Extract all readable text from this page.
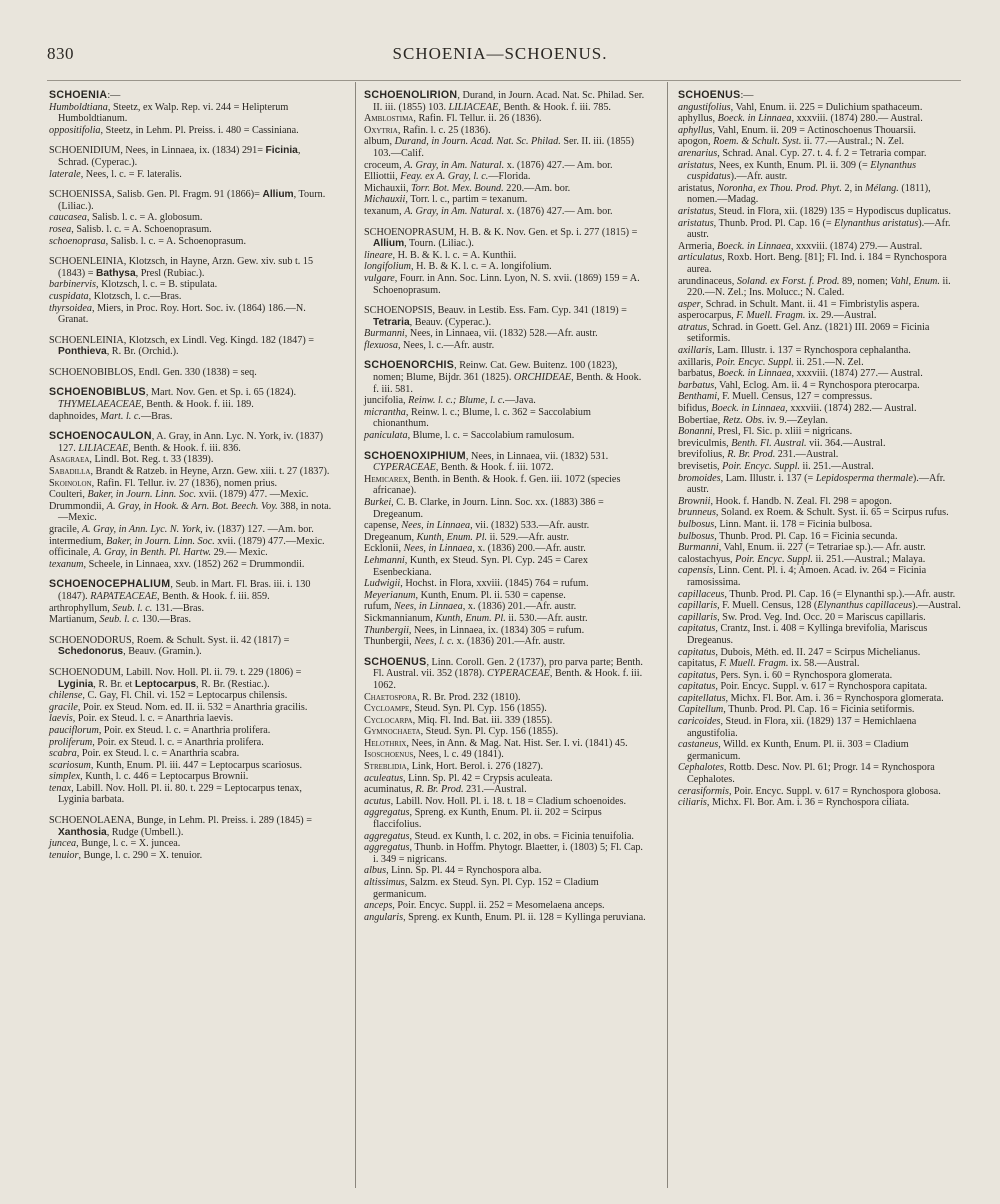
830	SCHOENIA—SCHOENUS.

SCHOENIA:—

Humboldtiana, Steetz, ex Walp. Rep. vi. 244 = Helipterum Humboldtianum.

oppositifolia, Steetz, in Lehm. Pl. Preiss. i. 480 = Cassiniana.

SCHOENIDIUM, Nees, in Linnaea, ix. (1834) 291= Ficinia, Schrad. (Cyperac.).

laterale, Nees, l. c. = F. lateralis.

SCHOENISSA, Salisb. Gen. Pl. Fragm. 91 (1866)= Allium, Tourn. (Liliac.).

caucasea, Salisb. l. c. = A. globosum.

rosea, Salisb. l. c. = A. Schoenoprasum.

schoenoprasa, Salisb. l. c. = A. Schoenoprasum.

SCHOENLEINIA, Klotzsch, in Hayne, Arzn. Gew. xiv. sub t. 15 (1843) = Bathysa, Presl (Rubiac.).

barbinervis, Klotzsch, l. c. = B. stipulata.

cuspidata, Klotzsch, l. c.—Bras.

thyrsoidea, Miers, in Proc. Roy. Hort. Soc. iv. (1864) 186.—N. Granat.

SCHOENLEINIA, Klotzsch, ex Lindl. Veg. Kingd. 182 (1847) = Ponthieva, R. Br. (Orchid.).

SCHOENOBIBLOS, Endl. Gen. 330 (1838) = seq.

SCHOENOBIBLUS, Mart. Nov. Gen. et Sp. i. 65 (1824). THYMELAEACEAE, Benth. & Hook. f. iii. 189.

daphnoides, Mart. l. c.—Bras.

SCHOENOCAULON, A. Gray, in Ann. Lyc. N. York, iv. (1837) 127. LILIACEAE, Benth. & Hook. f. iii. 836.

Asagraea, Lindl. Bot. Reg. t. 33 (1839).

Sabadilla, Brandt & Ratzeb. in Heyne, Arzn. Gew. xiii. t. 27 (1837).

Skoinolon, Rafin. Fl. Tellur. iv. 27 (1836), nomen prius.

Coulteri, Baker, in Journ. Linn. Soc. xvii. (1879) 477. —Mexic.

Drummondii, A. Gray, in Hook. & Arn. Bot. Beech. Voy. 388, in nota.—Mexic.

gracile, A. Gray, in Ann. Lyc. N. York, iv. (1837) 127. —Am. bor.

intermedium, Baker, in Journ. Linn. Soc. xvii. (1879) 477.—Mexic.

officinale, A. Gray, in Benth. Pl. Hartw. 29.— Mexic.

texanum, Scheele, in Linnaea, xxv. (1852) 262 = Drummondii.

SCHOENOCEPHALIUM, Seub. in Mart. Fl. Bras. iii. i. 130 (1847). RAPATEACEAE, Benth. & Hook. f. iii. 859.

arthrophyllum, Seub. l. c. 131.—Bras.

Martianum, Seub. l. c. 130.—Bras.

SCHOENODORUS, Roem. & Schult. Syst. ii. 42 (1817) = Schedonorus, Beauv. (Gramin.).

SCHOENODUM, Labill. Nov. Holl. Pl. ii. 79. t. 229 (1806) = Lyginia, R. Br. et Leptocarpus, R. Br. (Restiac.).

chilense, C. Gay, Fl. Chil. vi. 152 = Leptocarpus chilensis.

gracile, Poir. ex Steud. Nom. ed. II. ii. 532 = Anarthria gracilis.

laevis, Poir. ex Steud. l. c. = Anarthria laevis.

pauciflorum, Poir. ex Steud. l. c. = Anarthria prolifera.

proliferum, Poir. ex Steud. l. c. = Anarthria prolifera.

scabra, Poir. ex Steud. l. c. = Anarthria scabra.

scariosum, Kunth, Enum. Pl. iii. 447 = Leptocarpus scariosus.

simplex, Kunth, l. c. 446 = Leptocarpus Brownii.

tenax, Labill. Nov. Holl. Pl. ii. 80. t. 229 = Leptocarpus tenax, Lyginia barbata.

SCHOENOLAENA, Bunge, in Lehm. Pl. Preiss. i. 289 (1845) = Xanthosia, Rudge (Umbell.).

juncea, Bunge, l. c. = X. juncea.

tenuior, Bunge, l. c. 290 = X. tenuior.

SCHOENOLIRION, Durand, in Journ. Acad. Nat. Sc. Philad. Ser. II. iii. (1855) 103. LILIACEAE, Benth. & Hook. f. iii. 785.

Amblostima, Rafin. Fl. Tellur. ii. 26 (1836).

Oxytria, Rafin. l. c. 25 (1836).

album, Durand, in Journ. Acad. Nat. Sc. Philad. Ser. II. iii. (1855) 103.—Calif.

croceum, A. Gray, in Am. Natural. x. (1876) 427.— Am. bor.

Elliottii, Feay. ex A. Gray, l. c.—Florida.

Michauxii, Torr. Bot. Mex. Bound. 220.—Am. bor.

Michauxii, Torr. l. c., partim = texanum.

texanum, A. Gray, in Am. Natural. x. (1876) 427.— Am. bor.

SCHOENOPRASUM, H. B. & K. Nov. Gen. et Sp. i. 277 (1815) = Allium, Tourn. (Liliac.).

lineare, H. B. & K. l. c. = A. Kunthii.

longifolium, H. B. & K. l. c. = A. longifolium.

vulgare, Fourr. in Ann. Soc. Linn. Lyon, N. S. xvii. (1869) 159 = A. Schoenoprasum.

SCHOENOPSIS, Beauv. in Lestib. Ess. Fam. Cyp. 341 (1819) = Tetraria, Beauv. (Cyperac.).

Burmanni, Nees, in Linnaea, vii. (1832) 528.—Afr. austr.

flexuosa, Nees, l. c.—Afr. austr.

SCHOENORCHIS, Reinw. Cat. Gew. Buitenz. 100 (1823), nomen; Blume, Bijdr. 361 (1825). ORCHIDEAE, Benth. & Hook. f. iii. 581.

juncifolia, Reinw. l. c.; Blume, l. c.—Java.

micrantha, Reinw. l. c.; Blume, l. c. 362 = Saccolabium chionanthum.

paniculata, Blume, l. c. = Saccolabium ramulosum.

SCHOENOXIPHIUM, Nees, in Linnaea, vii. (1832) 531. CYPERACEAE, Benth. & Hook. f. iii. 1072.

Hemicarex, Benth. in Benth. & Hook. f. Gen. iii. 1072 (species africanae).

Burkei, C. B. Clarke, in Journ. Linn. Soc. xx. (1883) 386 = Dregeanum.

capense, Nees, in Linnaea, vii. (1832) 533.—Afr. austr.

Dregeanum, Kunth, Enum. Pl. ii. 529.—Afr. austr.

Ecklonii, Nees, in Linnaea, x. (1836) 200.—Afr. austr.

Lehmanni, Kunth, ex Steud. Syn. Pl. Cyp. 245 = Carex Esenbeckiana.

Ludwigii, Hochst. in Flora, xxviii. (1845) 764 = rufum.

Meyerianum, Kunth, Enum. Pl. ii. 530 = capense.

rufum, Nees, in Linnaea, x. (1836) 201.—Afr. austr.

Sickmannianum, Kunth, Enum. Pl. ii. 530.—Afr. austr.

Thunbergii, Nees, in Linnaea, ix. (1834) 305 = rufum.

Thunbergii, Nees, l. c. x. (1836) 201.—Afr. austr.

SCHOENUS, Linn. Coroll. Gen. 2 (1737), pro parva parte; Benth. Fl. Austral. vii. 352 (1878). CYPERACEAE, Benth. & Hook. f. iii. 1062.

Chaetospora, R. Br. Prod. 232 (1810).

Cycloampe, Steud. Syn. Pl. Cyp. 156 (1855).

Cyclocarpa, Miq. Fl. Ind. Bat. iii. 339 (1855).

Gymnochaeta, Steud. Syn. Pl. Cyp. 156 (1855).

Helothrix, Nees, in Ann. & Mag. Nat. Hist. Ser. I. vi. (1841) 45.

Isoschoenus, Nees, l. c. 49 (1841).

Streblidia, Link, Hort. Berol. i. 276 (1827).

aculeatus, Linn. Sp. Pl. 42 = Crypsis aculeata.

acuminatus, R. Br. Prod. 231.—Austral.

acutus, Labill. Nov. Holl. Pl. i. 18. t. 18 = Cladium schoenoides.

aggregatus, Spreng. ex Kunth, Enum. Pl. ii. 202 = Scirpus flaccifolius.

aggregatus, Steud. ex Kunth, l. c. 202, in obs. = Ficinia tenuifolia.

aggregatus, Thunb. in Hoffm. Phytogr. Blaetter, i. (1803) 5; Fl. Cap. i. 349 = nigricans.

albus, Linn. Sp. Pl. 44 = Rynchospora alba.

altissimus, Salzm. ex Steud. Syn. Pl. Cyp. 152 = Cladium germanicum.

anceps, Poir. Encyc. Suppl. ii. 252 = Mesomelaena anceps.

angularis, Spreng. ex Kunth, Enum. Pl. ii. 128 = Kyllinga peruviana.

SCHOENUS:—

angustifolius, Vahl, Enum. ii. 225 = Dulichium spathaceum.

aphyllus, Boeck. in Linnaea, xxxviii. (1874) 280.— Austral.

aphyllus, Vahl, Enum. ii. 209 = Actinoschoenus Thouarsii.

apogon, Roem. & Schult. Syst. ii. 77.—Austral.; N. Zel.

arenarius, Schrad. Anal. Cyp. 27. t. 4. f. 2 = Tetraria compar.

aristatus, Nees, ex Kunth, Enum. Pl. ii. 309 (= Elynanthus cuspidatus).—Afr. austr.

aristatus, Noronha, ex Thou. Prod. Phyt. 2, in Mélang. (1811), nomen.—Madag.

aristatus, Steud. in Flora, xii. (1829) 135 = Hypodiscus duplicatus.

aristatus, Thunb. Prod. Pl. Cap. 16 (= Elynanthus aristatus).—Afr. austr.

Armeria, Boeck. in Linnaea, xxxviii. (1874) 279.— Austral.

articulatus, Roxb. Hort. Beng. [81]; Fl. Ind. i. 184 = Rynchospora aurea.

arundinaceus, Soland. ex Forst. f. Prod. 89, nomen; Vahl, Enum. ii. 220.—N. Zel.; Ins. Molucc.; N. Caled.

asper, Schrad. in Schult. Mant. ii. 41 = Fimbristylis aspera.

asperocarpus, F. Muell. Fragm. ix. 29.—Austral.

atratus, Schrad. in Goett. Gel. Anz. (1821) III. 2069 = Ficinia setiformis.

axillaris, Lam. Illustr. i. 137 = Rynchospora cephalantha.

axillaris, Poir. Encyc. Suppl. ii. 251.—N. Zel.

barbatus, Boeck. in Linnaea, xxxviii. (1874) 277.— Austral.

barbatus, Vahl, Eclog. Am. ii. 4 = Rynchospora pterocarpa.

Benthami, F. Muell. Census, 127 = compressus.

bifidus, Boeck. in Linnaea, xxxviii. (1874) 282.— Austral.

Bobertiae, Retz. Obs. iv. 9.—Zeylan.

Bonanni, Presl, Fl. Sic. p. xliii = nigricans.

breviculmis, Benth. Fl. Austral. vii. 364.—Austral.

brevifolius, R. Br. Prod. 231.—Austral.

brevisetis, Poir. Encyc. Suppl. ii. 251.—Austral.

bromoides, Lam. Illustr. i. 137 (= Lepidosperma thermale).—Afr. austr.

Brownii, Hook. f. Handb. N. Zeal. Fl. 298 = apogon.

brunneus, Soland. ex Roem. & Schult. Syst. ii. 65 = Scirpus rufus.

bulbosus, Linn. Mant. ii. 178 = Ficinia bulbosa.

bulbosus, Thunb. Prod. Pl. Cap. 16 = Ficinia secunda.

Burmanni, Vahl, Enum. ii. 227 (= Tetrariae sp.).— Afr. austr.

calostachyus, Poir. Encyc. Suppl. ii. 251.—Austral.; Malaya.

capensis, Linn. Cent. Pl. i. 4; Amoen. Acad. iv. 264 = Ficinia ramosissima.

capillaceus, Thunb. Prod. Pl. Cap. 16 (= Elynanthi sp.).—Afr. austr.

capillaris, F. Muell. Census, 128 (Elynanthus capillaceus).—Austral.

capillaris, Sw. Prod. Veg. Ind. Occ. 20 = Mariscus capillaris.

capitatus, Crantz, Inst. i. 408 = Kyllinga brevifolia, Mariscus Dregeanus.

capitatus, Dubois, Méth. ed. II. 247 = Scirpus Michelianus.

capitatus, F. Muell. Fragm. ix. 58.—Austral.

capitatus, Pers. Syn. i. 60 = Rynchospora glomerata.

capitatus, Poir. Encyc. Suppl. v. 617 = Rynchospora capitata.

capitellatus, Michx. Fl. Bor. Am. i. 36 = Rynchospora glomerata.

Capitellum, Thunb. Prod. Pl. Cap. 16 = Ficinia setiformis.

caricoides, Steud. in Flora, xii. (1829) 137 = Hemichlaena angustifolia.

castaneus, Willd. ex Kunth, Enum. Pl. ii. 303 = Cladium germanicum.

Cephalotes, Rottb. Desc. Nov. Pl. 61; Progr. 14 = Rynchospora Cephalotes.

cerasiformis, Poir. Encyc. Suppl. v. 617 = Rynchospora globosa.

ciliaris, Michx. Fl. Bor. Am. i. 36 = Rynchospora ciliata.
